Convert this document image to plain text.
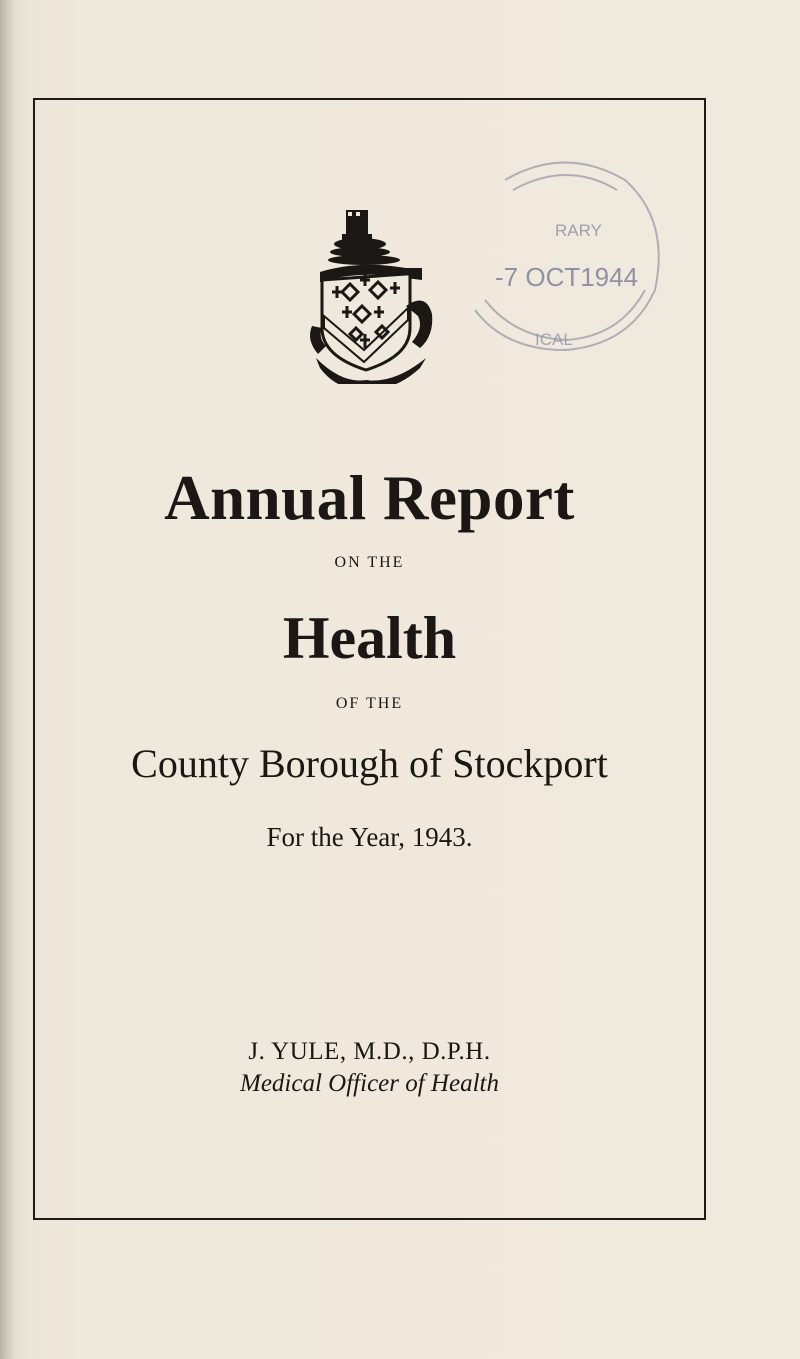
RARY
-7 OCT1944
ICAL
Annual Report
ON THE
Health
OF THE
County Borough of Stockport
For the Year, 1943.
J. YULE, M.D., D.P.H.
Medical Officer of Health
